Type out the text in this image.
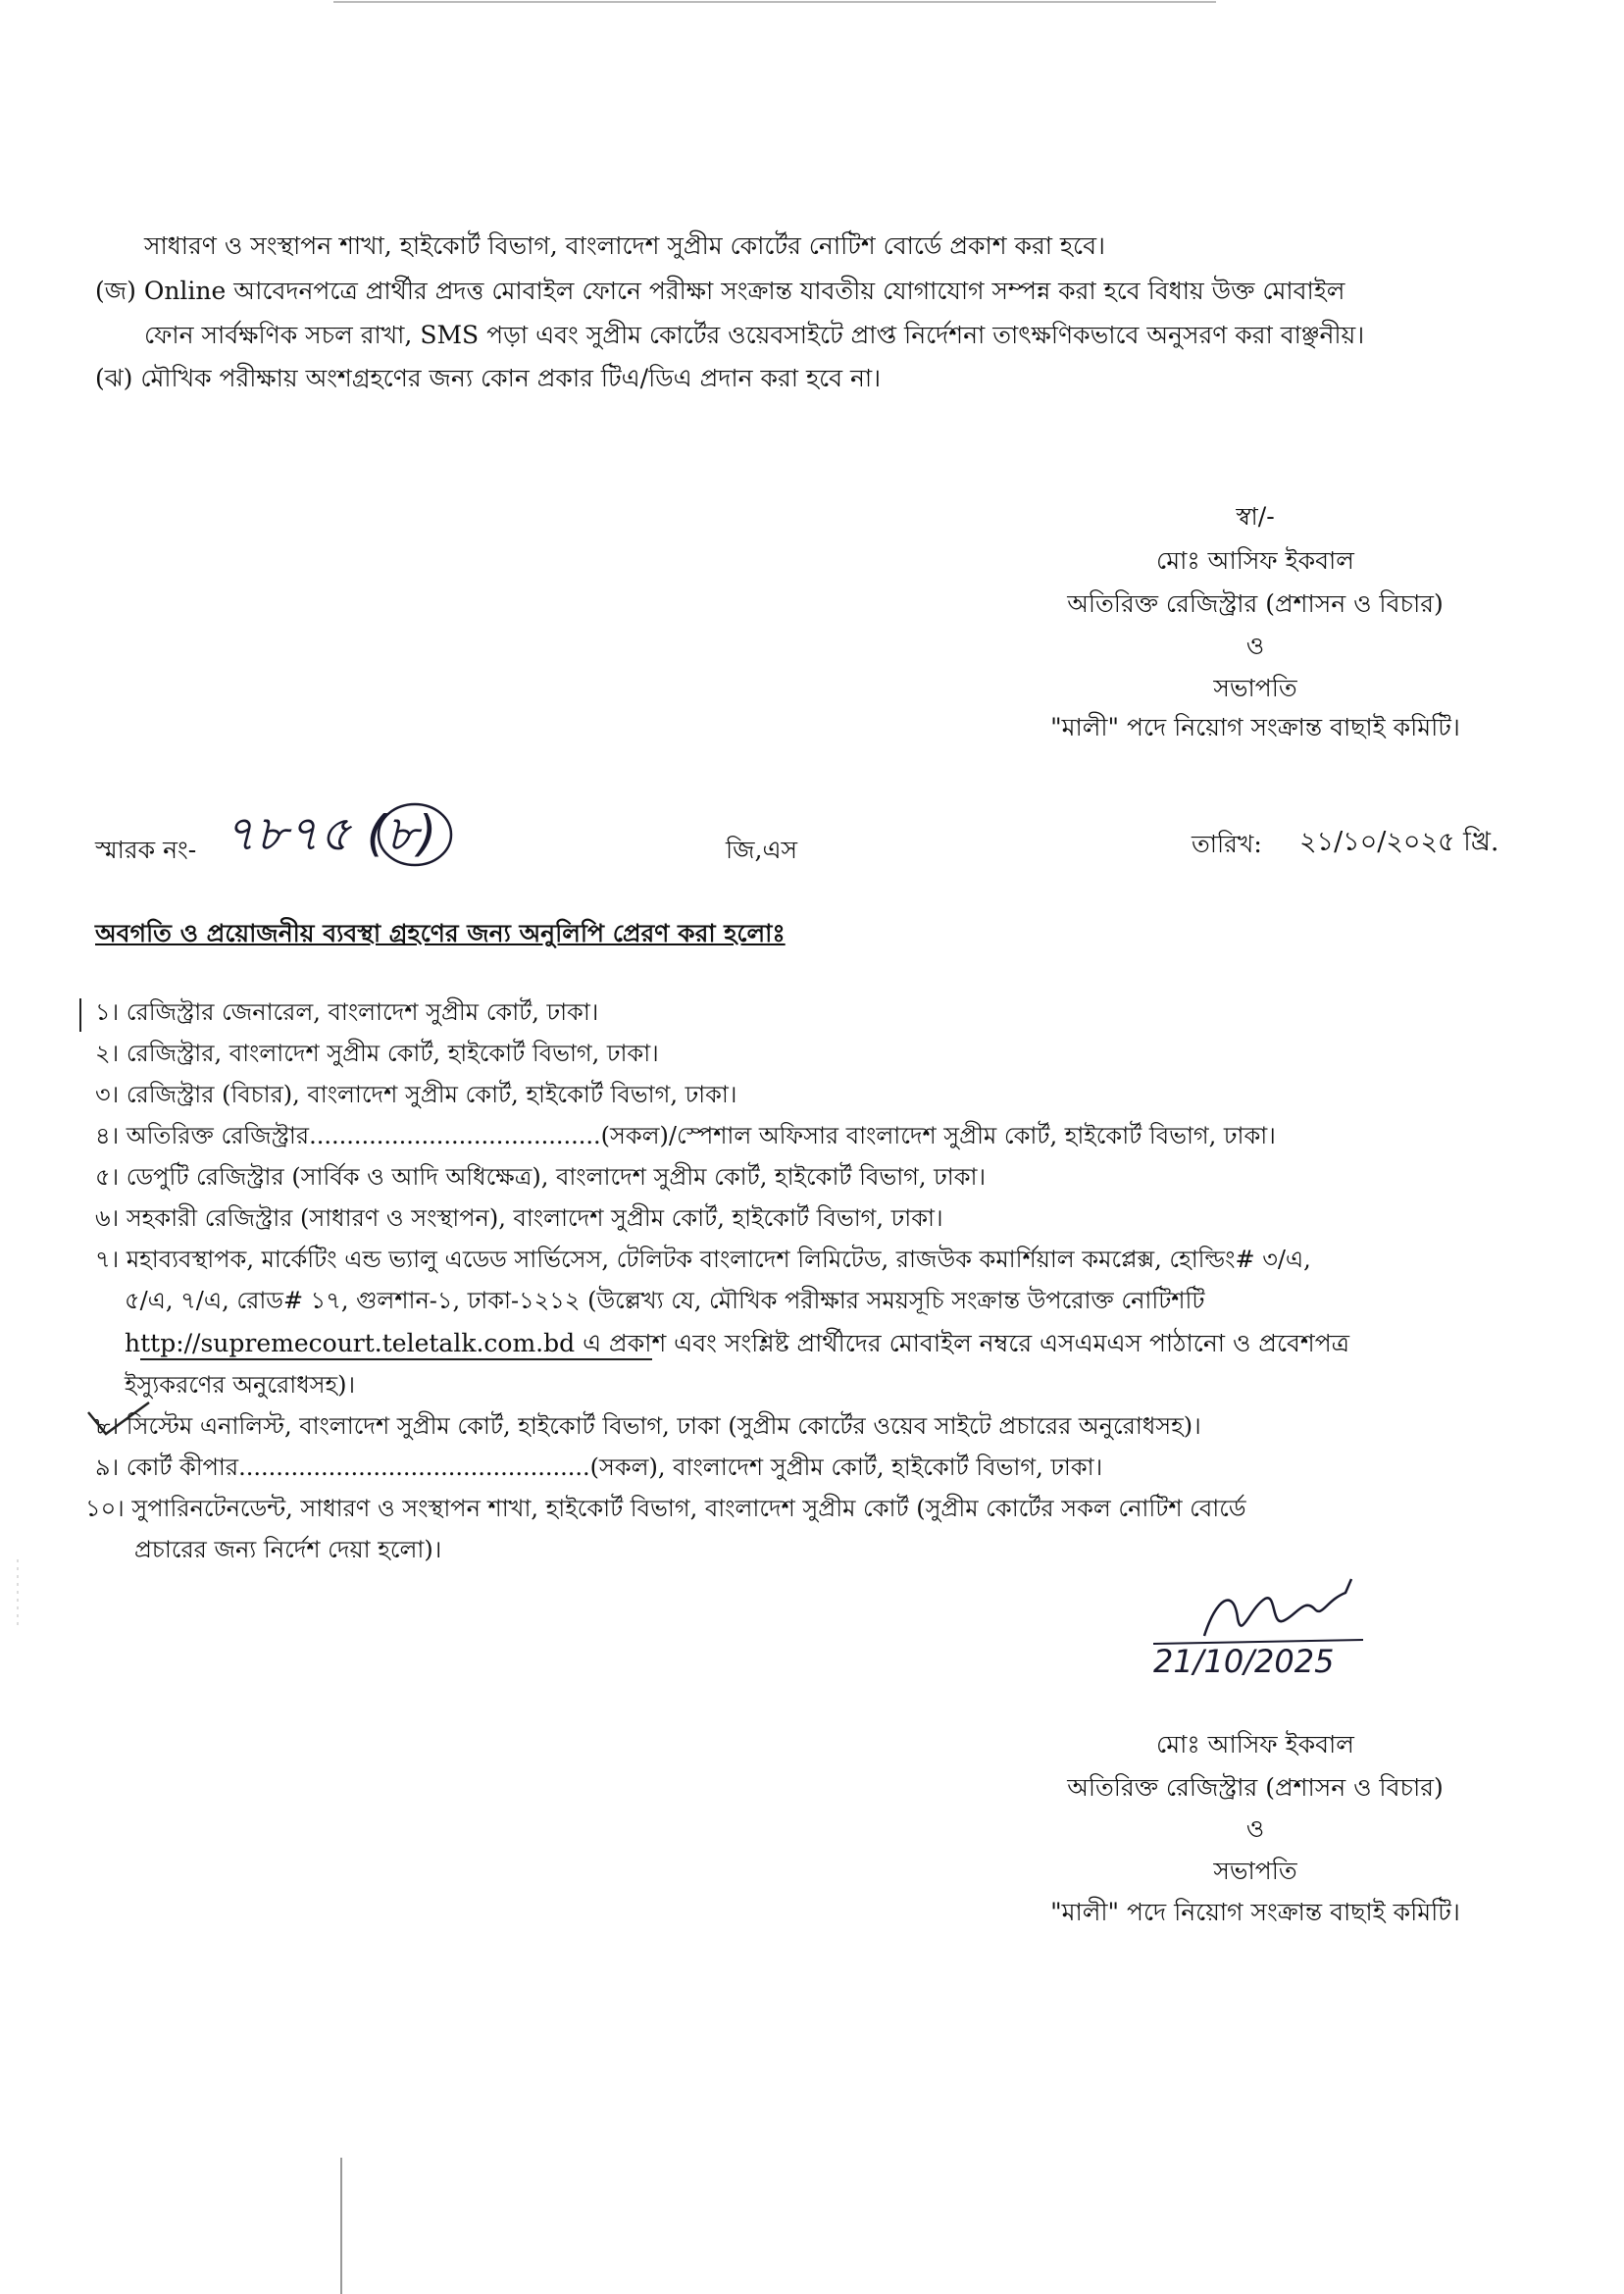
সাধারণ ও সংস্থাপন শাখা, হাইকোর্ট বিভাগ, বাংলাদেশ সুপ্রীম কোর্টের নোটিশ বোর্ডে প্রকাশ করা হবে।
(জ) Online আবেদনপত্রে প্রার্থীর প্রদত্ত মোবাইল ফোনে পরীক্ষা সংক্রান্ত যাবতীয় যোগাযোগ সম্পন্ন করা হবে বিধায় উক্ত মোবাইল
ফোন সার্বক্ষণিক সচল রাখা, SMS পড়া এবং সুপ্রীম কোর্টের ওয়েবসাইটে প্রাপ্ত নির্দেশনা তাৎক্ষণিকভাবে অনুসরণ করা বাঞ্ছনীয়।
(ঝ) মৌখিক পরীক্ষায় অংশগ্রহণের জন্য কোন প্রকার টিএ/ডিএ প্রদান করা হবে না।
স্বা/-
মোঃ আসিফ ইকবাল
অতিরিক্ত রেজিস্ট্রার (প্রশাসন ও বিচার)
ও
সভাপতি
"মালী" পদে নিয়োগ সংক্রান্ত বাছাই কমিটি।
স্মারক নং- ৭৮৭৫ (৮)	জি,এস	তারিখ: ২১/১০/২০২৫ খ্রি.
অবগতি ও প্রয়োজনীয় ব্যবস্থা গ্রহণের জন্য অনুলিপি প্রেরণ করা হলোঃ
১। রেজিস্ট্রার জেনারেল, বাংলাদেশ সুপ্রীম কোর্ট, ঢাকা।
২। রেজিস্ট্রার, বাংলাদেশ সুপ্রীম কোর্ট, হাইকোর্ট বিভাগ, ঢাকা।
৩। রেজিস্ট্রার (বিচার), বাংলাদেশ সুপ্রীম কোর্ট, হাইকোর্ট বিভাগ, ঢাকা।
৪। অতিরিক্ত রেজিস্ট্রার.......................................(সকল)/স্পেশাল অফিসার বাংলাদেশ সুপ্রীম কোর্ট, হাইকোর্ট বিভাগ, ঢাকা।
৫। ডেপুটি রেজিস্ট্রার (সার্বিক ও আদি অধিক্ষেত্র), বাংলাদেশ সুপ্রীম কোর্ট, হাইকোর্ট বিভাগ, ঢাকা।
৬। সহকারী রেজিস্ট্রার (সাধারণ ও সংস্থাপন), বাংলাদেশ সুপ্রীম কোর্ট, হাইকোর্ট বিভাগ, ঢাকা।
৭। মহাব্যবস্থাপক, মার্কেটিং এন্ড ভ্যালু এডেড সার্ভিসেস, টেলিটক বাংলাদেশ লিমিটেড, রাজউক কমার্শিয়াল কমপ্লেক্স, হোল্ডিং# ৩/এ,
৫/এ, ৭/এ, রোড# ১৭, গুলশান-১, ঢাকা-১২১২ (উল্লেখ্য যে, মৌখিক পরীক্ষার সময়সূচি সংক্রান্ত উপরোক্ত নোটিশটি
http://supremecourt.teletalk.com.bd এ প্রকাশ এবং সংশ্লিষ্ট প্রার্থীদের মোবাইল নম্বরে এসএমএস পাঠানো ও প্রবেশপত্র
ইস্যুকরণের অনুরোধসহ)।
৮। সিস্টেম এনালিস্ট, বাংলাদেশ সুপ্রীম কোর্ট, হাইকোর্ট বিভাগ, ঢাকা (সুপ্রীম কোর্টের ওয়েব সাইটে প্রচারের অনুরোধসহ)।
৯। কোর্ট কীপার...............................................(সকল), বাংলাদেশ সুপ্রীম কোর্ট, হাইকোর্ট বিভাগ, ঢাকা।
১০। সুপারিনটেনডেন্ট, সাধারণ ও সংস্থাপন শাখা, হাইকোর্ট বিভাগ, বাংলাদেশ সুপ্রীম কোর্ট (সুপ্রীম কোর্টের সকল নোটিশ বোর্ডে
প্রচারের জন্য নির্দেশ দেয়া হলো)।
21/10/2025
মোঃ আসিফ ইকবাল
অতিরিক্ত রেজিস্ট্রার (প্রশাসন ও বিচার)
ও
সভাপতি
"মালী" পদে নিয়োগ সংক্রান্ত বাছাই কমিটি।
